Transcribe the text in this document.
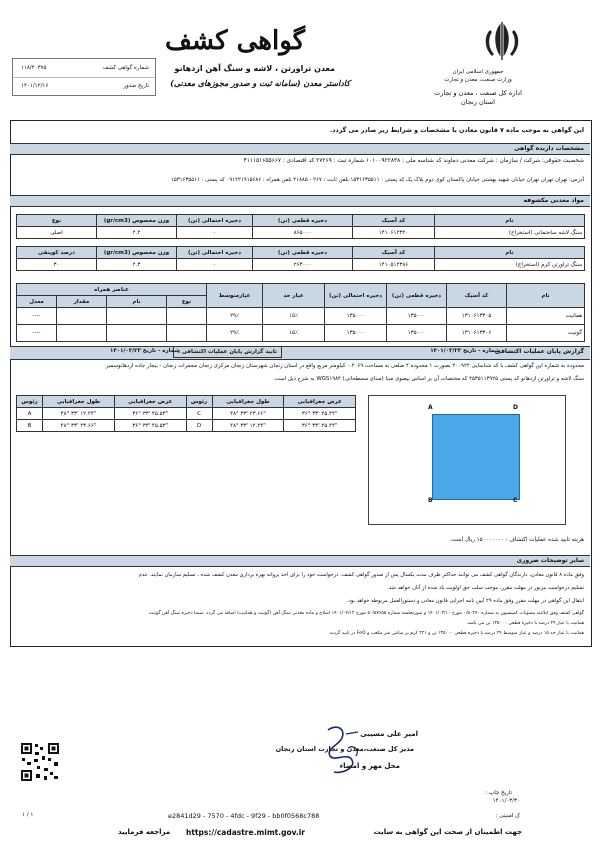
جمهوری اسلامی ایران
وزارت صنعت، معدن و تجارت
اداره کل صنعت ، معدن و تجارت
استان زنجان
گواهی کشف
معدن تراورتن ، لاشه و سنگ آهن ازدهانو
کاداستر معدن (سامانه ثبت و صدور مجوزهای معدنی)
شماره گواهی کشف
۱۱۸/۴۰۳۷۵
تاریخ صدور
۱۴۰۱/۱۲/۱۶
این گواهی به موجب ماده ۷ قانون معادن با مشخصات و شرایط زیر صادر می گردد.
مشخصات دارنده گواهی
شخصیت حقوقی: شرکت / سازمان : شرکت معدنی دماوند کد شناسه ملی : ۱۰۱۰۰۹۲۲۸۳۸ شماره ثبت : ۲۷۲۶۹ کد اقتصادی : ۴۱۱۱۵۱۶۵۵۶۶۷
آدرس: تهران تهران تهران خیابان شهید بهشتی خیابان پاکستان کوی دوم پلاک یک کد پستی : ۱۵۳۱۶۳۵۵۱۱ تلفن ثابت : ۲۶۷ - ۲۱۸۸۵ تلفن همراه : ۰۹۱۲۲۱۹۱۵۶۸۶ کد پستی : ۱۵۳۱۶۳۵۵۱۱
مواد معدنی مکشوفه
نام	کد آسیک	ذخیره قطعی (تن)	ذخیره احتمالی (تن)	وزن مخصوص (gr/cm3)	نوع
سنگ لاشه ساختمانی (استخراج)	۱۴۱۰۶۱۲۳۲۰	۸۶۵۰۰۰	۰	۲.۲	اصلی
نام	کد آسیک	ذخیره قطعی (تن)	ذخیره احتمالی (تن)	وزن مخصوص (gr/cm3)	درصد کوپنفی
سنگ تراورتن کرم (استخراج)	۱۴۱۰۵۱۲۳۸۶	۲۶۳۰۰۰	۰	۲.۳	۳۰
نام	کد آسیک	ذخیره قطعی (تن)	ذخیره احتمالی (تن)	عیار حد	عیارمتوسط	عناصر همراه			
						نوع	نام	مقدار	معدل
هماتیت	۱۳۱۰۶۱۳۳۰۵	۱۳۵۰۰۰	۱۳۵۰۰۰	۱۵٪	۲۹٪				----
گوتیت	۱۳۱۰۶۱۳۳۰۶	۱۳۵۰۰۰	۱۳۵۰۰۰	۱۵٪	۲۹٪				----
گزارش پایان عملیات اکتشافی
شماره - تاریخ ۱۴۰۱/۰۳/۲۳
تایید گزارش پایان عملیات اکتشافی :
شماره - تاریخ ۱۴۰۱/۰۳/۲۳
محدوده به شماره این گواهی کشف با کد شناسایی ۲۰۰۹۲۲ بصورت ۱ محدوده ۴ ضلعی به مساحت ۰.۲۰۶۹ کیلومتر مربع واقع در استان زنجان شهرستان زنجان مرکزی زنجان مجمرات زنجان - بیجار جاده ازدهانوسمیر
سنگ لاشه و تراورتن ازدهانو کد پستی ۴۵۳۵۱۱۳۹۲۵ که مختصات آن بر اساس بیضوی مبنا (مبنای مسطحاتی) WGS۱۹۸۴ به شرح ذیل است.
عرض جغرافیایی	طول جغرافیایی	رئوس	عرض جغرافیایی	طول جغرافیایی	رئوس
۳۶° ۳۳' ۲۵.۴۴"	۴۸° ۳۳' ۲۳.۶۶"	C	۳۶° ۳۳' ۴۵.۵۳"	۴۸° ۳۳' ۱۲.۲۴"	A
۳۶° ۳۳' ۲۵.۴۴"	۴۸° ۳۳' ۱۲.۲۴"	D	۳۶° ۳۳' ۴۵.۵۳"	۴۸° ۳۳' ۲۳.۶۶"	B
A	D
B	C
هزینه تایید شده عملیات اکتشاف : ۱۵۰۰۰۰۰۰۰ ریال است.
سایر توضیحات ضروری
وفق ماده ۸ قانون معادن، دارندگان گواهی کشف می توانند حداکثر ظرف مدت یکسال پس از صدور گواهی کشف، درخواست خود را برای اخذ پروانه بهره برداری معدن کشف شده ، تسلیم سازمان نمایند. عدم
تسلیم درخواست مزبور در مهلت مقرر، موجب سلب حق اولویت یاد شده از آنان خواهد شد.
انتقال این گواهی در مهلت مقرر وفق ماده ۲۹ آیین نامه اجرایی قانون معادن و دستورالعمل مربوطه خواهد بود.
گواهی کشف وفق ابلاغیه مصوبات کمیسیون به شماره ۰/۵۰۲۷۰ مورخ ۱۴۰۱/۰۳/۱۰ و صورتجلسه شماره ۵۰/۵۷۶۵۵ مورخ ۱۴۰۱/۰۴/۱۲ اصلاح و ماده معدنی سنگ آهن (گوتیت و هماتیت) اضافه می گردد. ضمنا ذخیره سنگ آهن گوتیت
هماتیت با عیار ۲۹ درصد با ذخیره قطعی ۱۳۵۰۰۰ تن می باشد.
هماتیت با عیار حد ۱۵ درصد و عیار متوسط ۲۹ درصد با ذخیره قطعی ۱۳۵۰۰۰ تن و ۲۲۱ کرم بر سانتی متر مکعب و FeO در تایید گردید.
امیر علی مسیبی
مدیر کل صنعت،معدن و تجارت استان زنجان
محل مهر و امضاء
تاریخ چاپ :
۱۴۰۱/۰۳/۳۰
ک امنیتی :
e2841d29 - 7570 - 4fdc - 9f29 - bb0f0568c788
۱ / ۱
جهت اطمینان از صحت این گواهی به سایت
https://cadastre.mimt.gov.ir
مراجعه فرمایید
